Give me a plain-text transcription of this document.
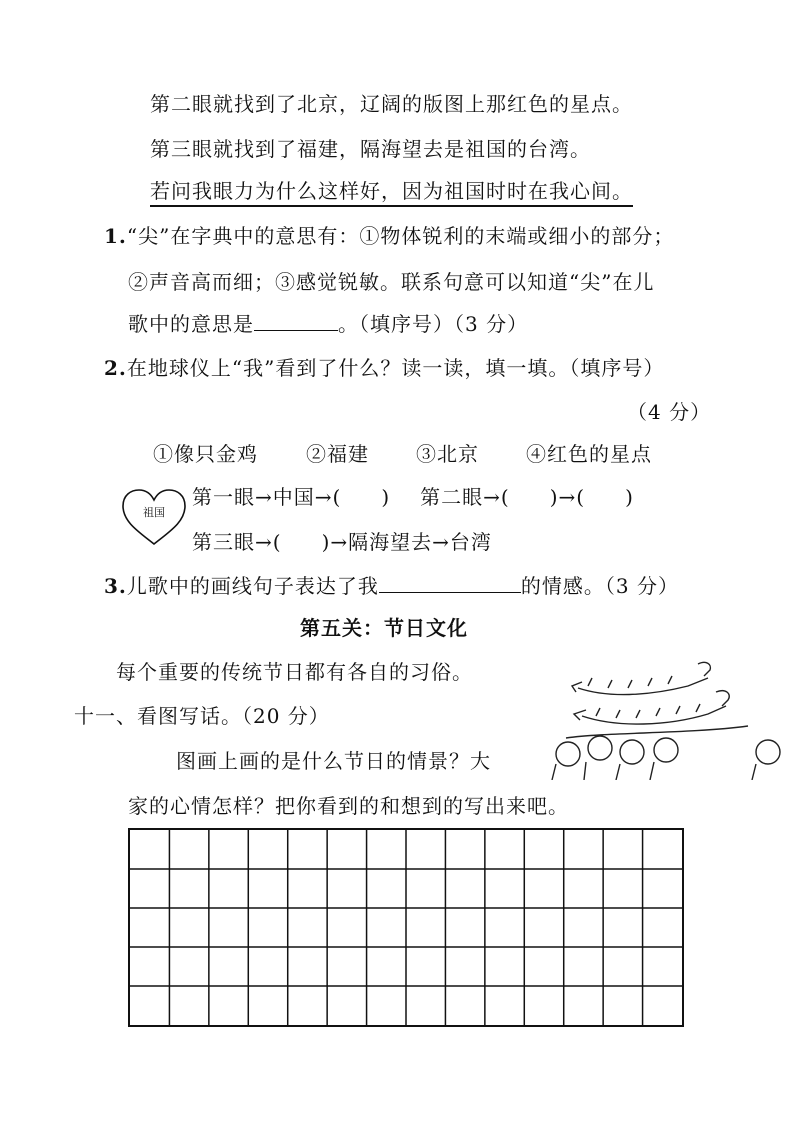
第二眼就找到了北京，辽阔的版图上那红色的星点。
第三眼就找到了福建，隔海望去是祖国的台湾。
若问我眼力为什么这样好，因为祖国时时在我心间。
1.“尖”在字典中的意思有：①物体锐利的末端或细小的部分；
②声音高而细；③感觉锐敏。联系句意可以知道“尖”在儿
歌中的意思是	。（填序号）（3 分）
2.在地球仪上“我”看到了什么？读一读，填一填。（填序号）
（4 分）
①像只金鸡 ②福建 ③北京 ④红色的星点
祖国
第一眼→中国→( ) 第二眼→( )→( )
第三眼→( )→隔海望去→台湾
3.儿歌中的画线句子表达了我	的情感。（3 分）
第五关：节日文化
每个重要的传统节日都有各自的习俗。
十一、看图写话。（20 分）
图画上画的是什么节日的情景？大
家的心情怎样？把你看到的和想到的写出来吧。
